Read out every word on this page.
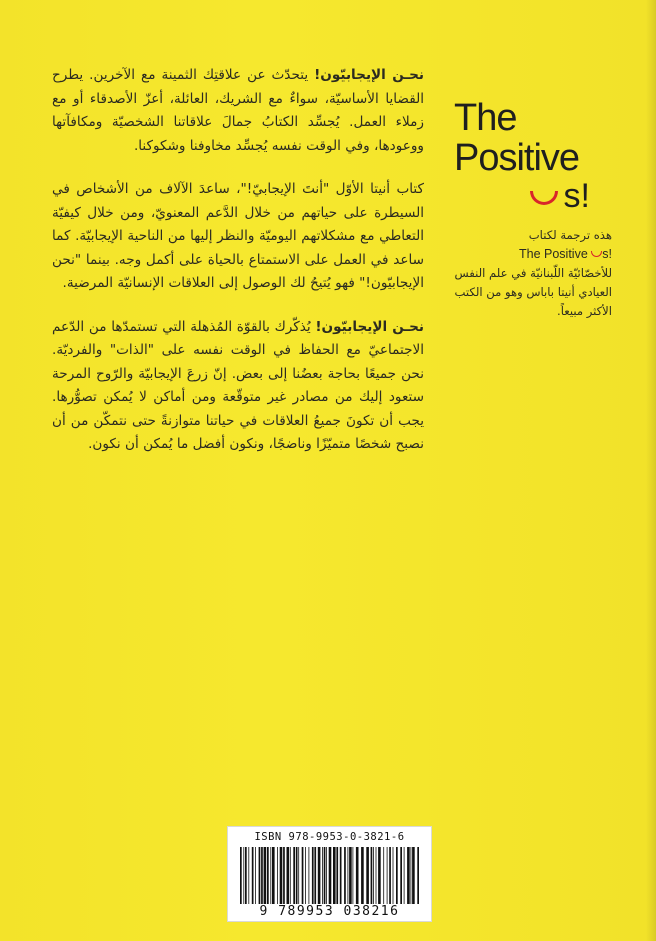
نحـن الإيجابيّون! يتحدّث عن علاقتِك الثمينة مع الآخرين. يطرح القضايا الأساسيّة، سواءٌ مع الشريك، العائلة، أعزّ الأصدقاء أو مع زملاء العمل. يُجسِّد الكتابُ جمالَ علاقاتنا الشخصيّة ومكافآتها ووعودها، وفي الوقت نفسه يُجسِّد مخاوفنا وشكوكنا.

كتاب أنيتا الأوّل "أنتَ الإيجابيّ!"، ساعدَ الآلاف من الأشخاص في السيطرة على حياتهم من خلال الدَّعم المعنويّ، ومن خلال كيفيّة التعاطي مع مشكلاتهم اليوميّة والنظر إليها من الناحية الإيجابيّة. كما ساعد في العمل على الاستمتاع بالحياة على أكمل وجه. بينما "نحن الإيجابيّون!" فهو يُتيحُ لك الوصول إلى العلاقات الإنسانيّة المرضية.

نحـن الإيجابيّون! يُذكّرك بالقوّة المُذهلة التي تستمدّها من الدّعم الاجتماعيّ مع الحفاظ في الوقت نفسه على "الذات" والفرديّة. نحن جميعًا بحاجة بعضُنا إلى بعض. إنّ زرعَ الإيجابيّة والرّوح المرحة ستعود إليك من مصادر غير متوقّعة ومن أماكن لا يُمكن تصوُّرها. يجب أن تكونَ جميعُ العلاقات في حياتنا متوازنةً حتى نتمكّن من أن نصبح شخصًا متميّزًا وناضجًا، ونكون أفضل ما يُمكن أن نكون.

The
Positive
s!
هذه ترجمة لكتاب
The Positive s!
للأخصّائيّة اللّبنانيّة في علم النفس العيادي أنيتا باباس وهو من الكتب الأكثر مبيعاً.
ISBN 978-9953-0-3821-6
9 789953 038216
